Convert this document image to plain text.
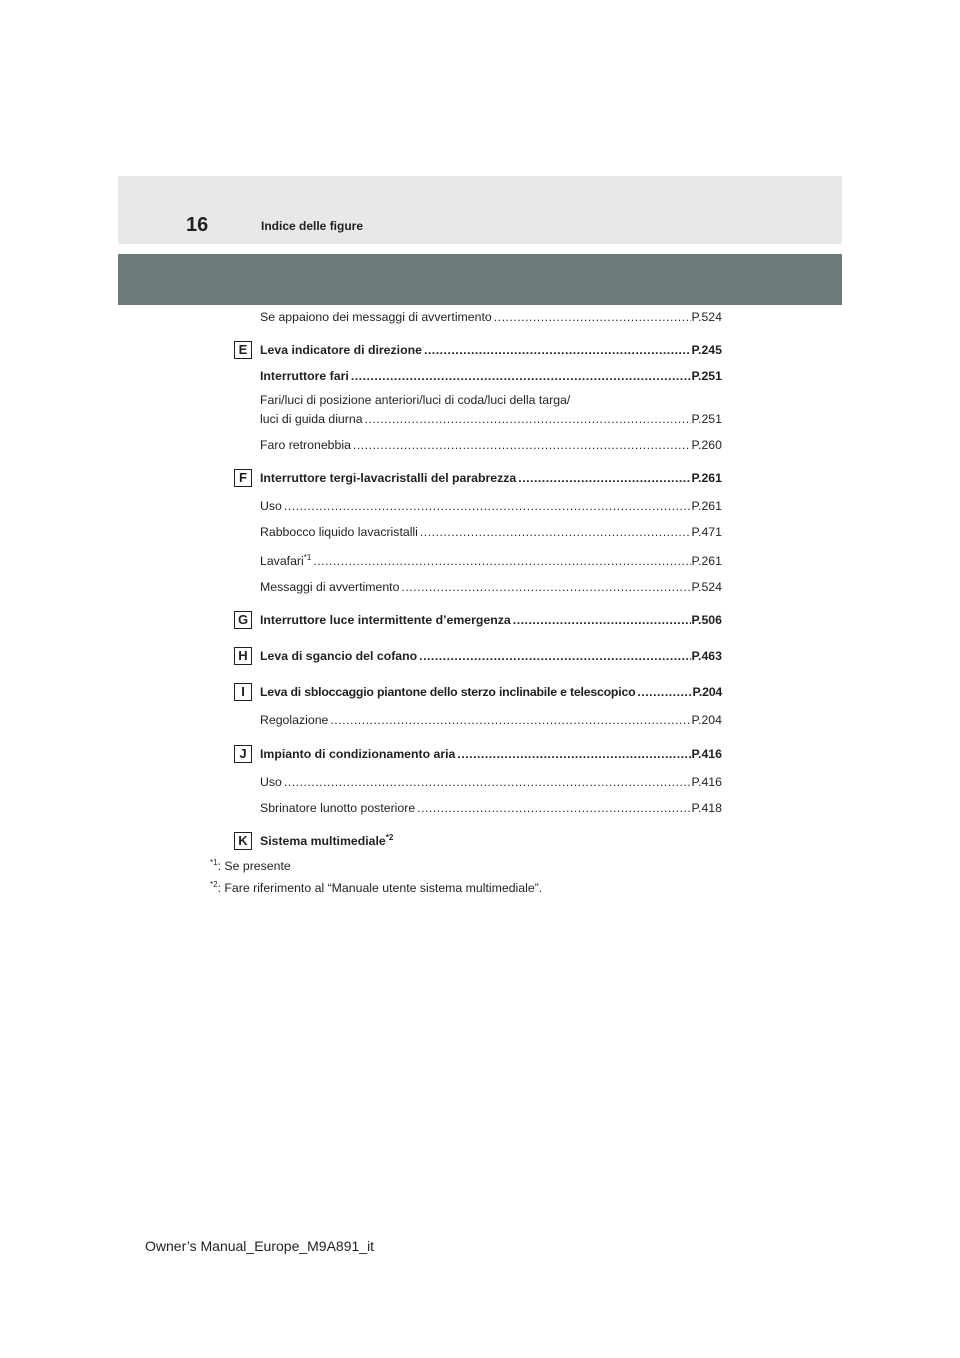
16	Indice delle figure
Se appaiono dei messaggi di avvertimento .....	P.524
E	Leva indicatore di direzione .....	P.245
Interruttore fari .....	P.251
Fari/luci di posizione anteriori/luci di coda/luci della targa/
luci di guida diurna .....	P.251
Faro retronebbia .....	P.260
F	Interruttore tergi-lavacristalli del parabrezza .....	P.261
Uso .....	P.261
Rabbocco liquido lavacristalli .....	P.471
Lavafari$^{*1}$ .....	P.261
Messaggi di avvertimento .....	P.524
G Interruttore luce intermittente d’emergenza .....	P.506
H	Leva di sgancio del cofano .....	P.463
I	Leva di sbloccaggio piantone dello sterzo inclinabile e telescopico .....	P.204
Regolazione .....	P.204
J	Impianto di condizionamento aria .....	P.416
Uso .....	P.416
Sbrinatore lunotto posteriore .....	P.418
K	Sistema multimediale$^{*2}$
$^{*1}$: Se presente
$^{*2}$: Fare riferimento al “Manuale utente sistema multimediale”.
Owner’s Manual_Europe_M9A891_it
